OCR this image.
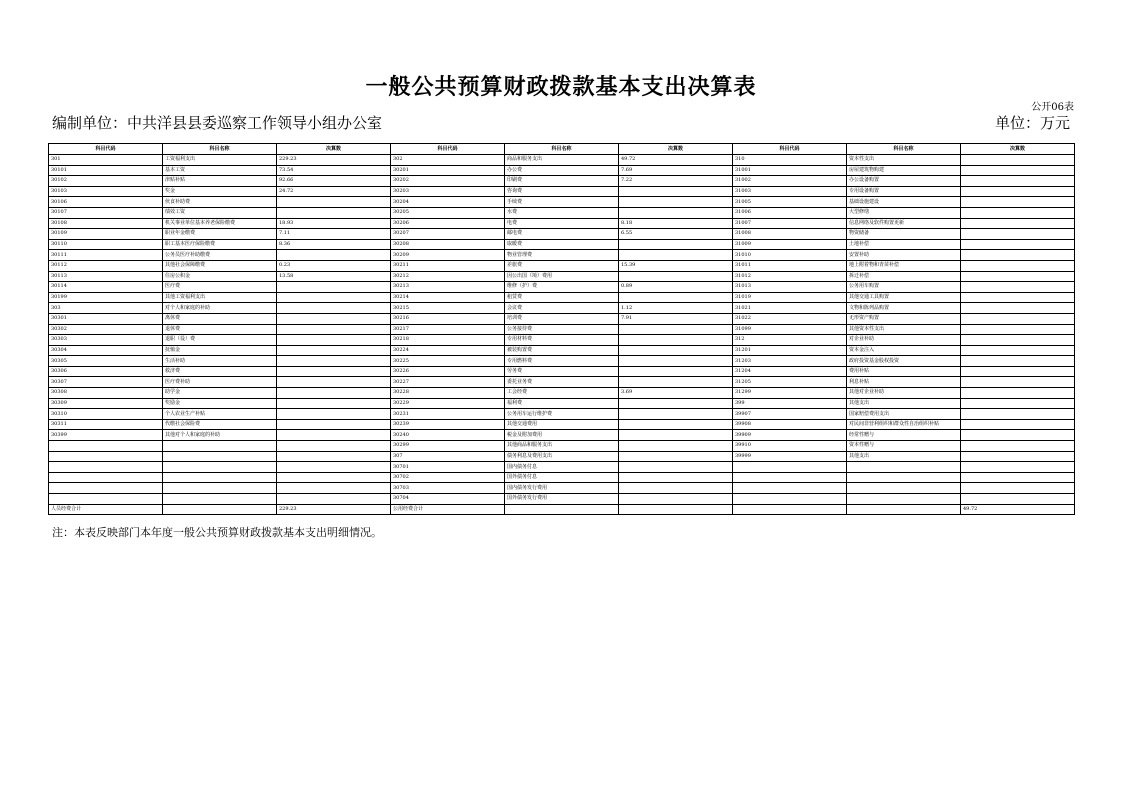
一般公共预算财政拨款基本支出决算表
公开06表
编制单位：中共洋县县委巡察工作领导小组办公室	单位：万元
科目代码	科目名称	决算数	科目代码	科目名称	决算数	科目代码	科目名称	决算数
301	工资福利支出	229.23	302	商品和服务支出	49.72	310	资本性支出	
30101	基本工资	73.54	30201	办公费	7.69	31001	房屋建筑物购建	
30102	津贴补贴	92.66	30202	印刷费	7.22	31002	办公设备购置	
30103	奖金	24.72	30203	咨询费		31003	专用设备购置	
30106	伙食补助费		30204	手续费		31005	基础设施建设	
30107	绩效工资		30205	水费		31006	大型修缮	
30108	机关事业单位基本养老保险缴费	18.93	30206	电费	8.18	31007	信息网络及软件购置更新	
30109	职业年金缴费	7.11	30207	邮电费	6.55	31008	物资储备	
30110	职工基本医疗保险缴费	8.36	30208	取暖费		31009	土地补偿	
30111	公务员医疗补助缴费		30209	物业管理费		31010	安置补助	
30112	其他社会保障缴费	0.23	30211	差旅费	15.39	31011	地上附着物和青苗补偿	
30113	住房公积金	13.58	30212	因公出国（境）费用		31012	拆迁补偿	
30114	医疗费		30213	维修（护）费	0.89	31013	公务用车购置	
30199	其他工资福利支出		30214	租赁费		31019	其他交通工具购置	
303	对个人和家庭的补助		30215	会议费	1.12	31021	文物和陈列品购置	
30301	离休费		30216	培训费	7.91	31022	无形资产购置	
30302	退休费		30217	公务接待费		31099	其他资本性支出	
30303	退职（役）费		30218	专用材料费		312	对企业补助	
30304	抚恤金		30224	被装购置费		31201	资本金注入	
30305	生活补助		30225	专用燃料费		31203	政府投资基金股权投资	
30306	救济费		30226	劳务费		31204	费用补贴	
30307	医疗费补助		30227	委托业务费		31205	利息补贴	
30308	助学金		30228	工会经费	3.69	31299	其他对企业补助	
30309	奖励金		30229	福利费		399	其他支出	
30310	个人农业生产补贴		30231	公务用车运行维护费		39907	国家赔偿费用支出	
30311	代缴社会保险费		30239	其他交通费用		39908	对民间非营利组织和群众性自治组织补贴	
30399	其他对个人和家庭的补助		30240	税金及附加费用		39909	经常性赠与	
			30299	其他商品和服务支出		39910	资本性赠与	
			307	债务利息及费用支出		39999	其他支出	
			30701	国内债务付息				
			30702	国外债务付息				
			30703	国内债务发行费用				
			30704	国外债务发行费用				
人员经费合计		229.23	公用经费合计					49.72
注：本表反映部门本年度一般公共预算财政拨款基本支出明细情况。
